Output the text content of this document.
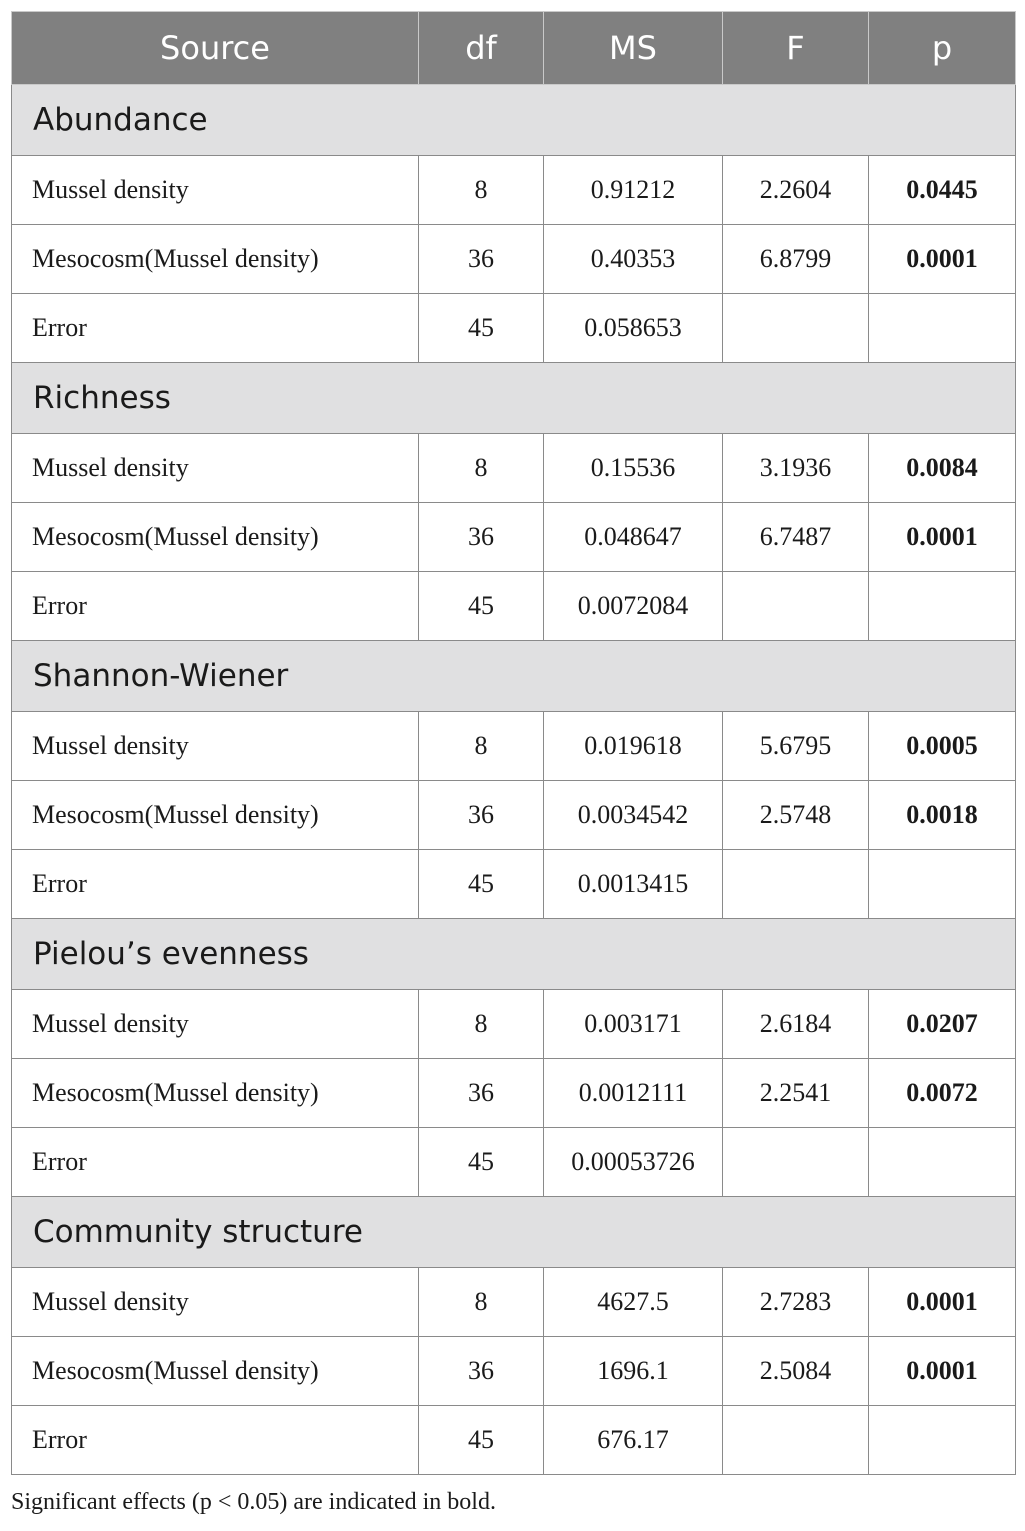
Source	df	MS	F	p
Abundance				
Mussel density	8	0.91212	2.2604	0.0445
Mesocosm(Mussel density)	36	0.40353	6.8799	0.0001
Error	45	0.058653		
Richness				
Mussel density	8	0.15536	3.1936	0.0084
Mesocosm(Mussel density)	36	0.048647	6.7487	0.0001
Error	45	0.0072084		
Shannon-Wiener				
Mussel density	8	0.019618	5.6795	0.0005
Mesocosm(Mussel density)	36	0.0034542	2.5748	0.0018
Error	45	0.0013415		
Pielou’s evenness				
Mussel density	8	0.003171	2.6184	0.0207
Mesocosm(Mussel density)	36	0.0012111	2.2541	0.0072
Error	45	0.00053726		
Community structure				
Mussel density	8	4627.5	2.7283	0.0001
Mesocosm(Mussel density)	36	1696.1	2.5084	0.0001
Error	45	676.17		

Significant effects (p < 0.05) are indicated in bold.
